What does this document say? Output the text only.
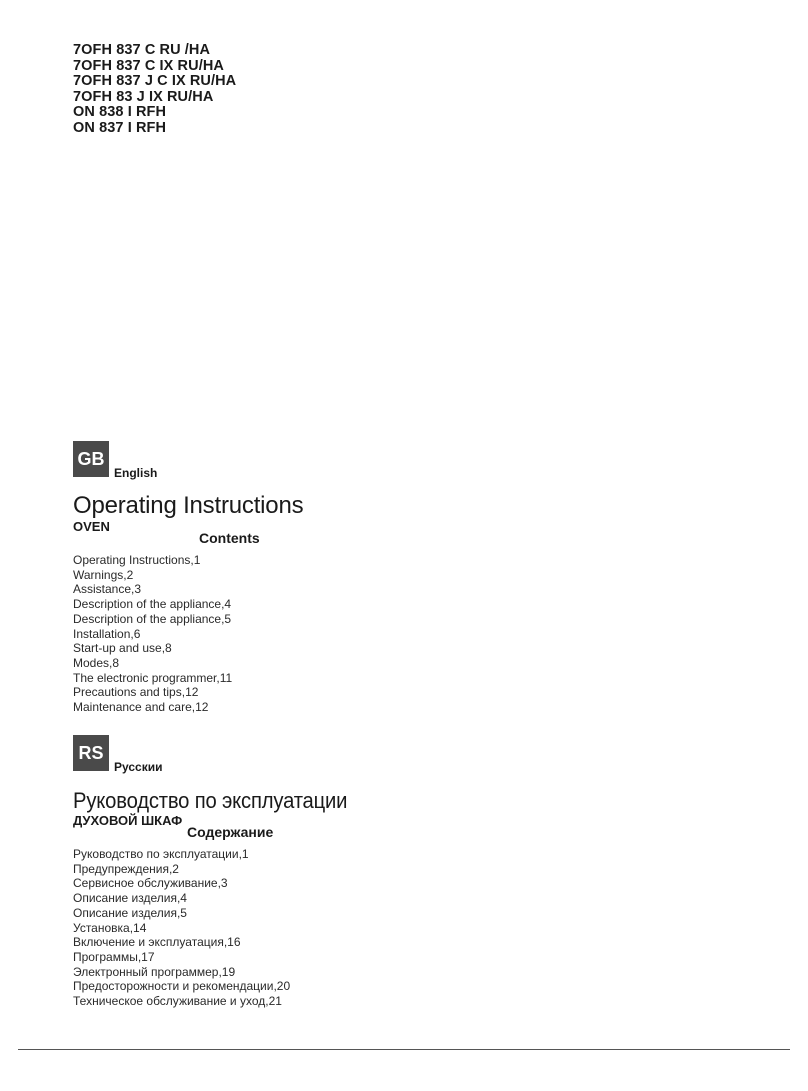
7OFH 837 C RU /HA
7OFH 837 C IX RU/HA
7OFH 837 J C IX RU/HA
7OFH 83 J IX RU/HA
ON 838 I RFH
ON 837 I RFH
GB
English
Operating Instructions
OVEN
Contents
Operating Instructions,1
Warnings,2
Assistance,3
Description of the appliance,4
Description of the appliance,5
Installation,6
Start-up and use,8
Modes,8
The electronic programmer,11
Precautions and tips,12
Maintenance and care,12
RS
Русскии
Руководство по эксплуатации
ДУХОВОЙ ШКАФ
Содержание
Руководство по эксплуатации,1
Предупреждения,2
Сервисное обслуживание,3
Описание изделия,4
Описание изделия,5
Установка,14
Включение и эксплуатация,16
Программы,17
Электронный программер,19
Предосторожности и рекомендации,20
Техническое обслуживание и уход,21
